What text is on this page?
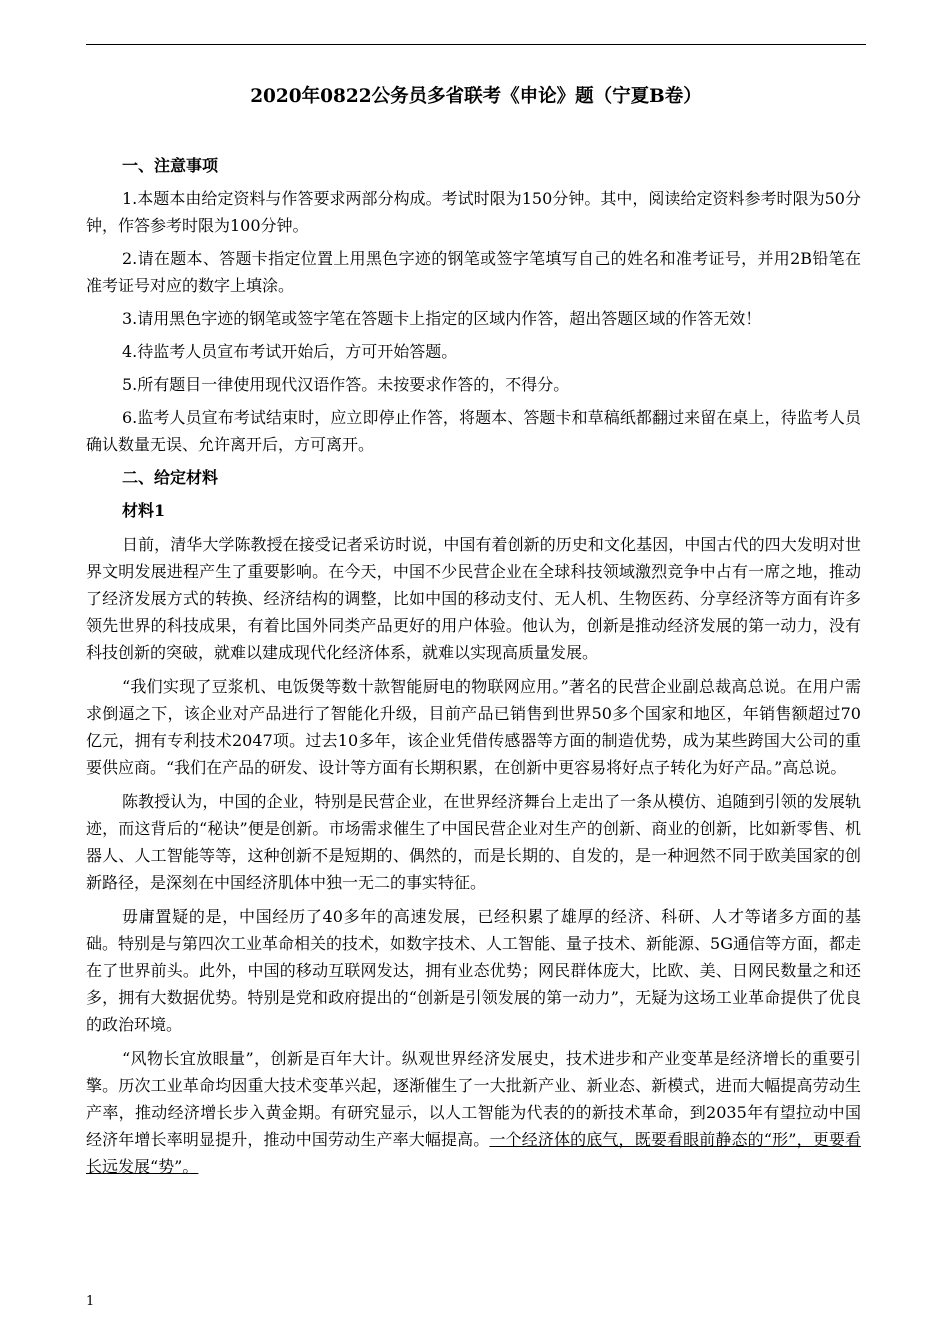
2020年0822公务员多省联考《申论》题（宁夏B卷）

一、注意事项

1.本题本由给定资料与作答要求两部分构成。考试时限为150分钟。其中，阅读给定资料参考时限为50分钟，作答参考时限为100分钟。

2.请在题本、答题卡指定位置上用黑色字迹的钢笔或签字笔填写自己的姓名和准考证号，并用2B铅笔在准考证号对应的数字上填涂。

3.请用黑色字迹的钢笔或签字笔在答题卡上指定的区域内作答，超出答题区域的作答无效！

4.待监考人员宣布考试开始后，方可开始答题。

5.所有题目一律使用现代汉语作答。未按要求作答的，不得分。

6.监考人员宣布考试结束时，应立即停止作答，将题本、答题卡和草稿纸都翻过来留在桌上，待监考人员确认数量无误、允许离开后，方可离开。

二、给定材料

材料1

日前，清华大学陈教授在接受记者采访时说，中国有着创新的历史和文化基因，中国古代的四大发明对世界文明发展进程产生了重要影响。在今天，中国不少民营企业在全球科技领域激烈竞争中占有一席之地，推动了经济发展方式的转换、经济结构的调整，比如中国的移动支付、无人机、生物医药、分享经济等方面有许多领先世界的科技成果，有着比国外同类产品更好的用户体验。他认为，创新是推动经济发展的第一动力，没有科技创新的突破，就难以建成现代化经济体系，就难以实现高质量发展。

“我们实现了豆浆机、电饭煲等数十款智能厨电的物联网应用。”著名的民营企业副总裁高总说。在用户需求倒逼之下，该企业对产品进行了智能化升级，目前产品已销售到世界50多个国家和地区，年销售额超过70亿元，拥有专利技术2047项。过去10多年，该企业凭借传感器等方面的制造优势，成为某些跨国大公司的重要供应商。“我们在产品的研发、设计等方面有长期积累，在创新中更容易将好点子转化为好产品。”高总说。

陈教授认为，中国的企业，特别是民营企业，在世界经济舞台上走出了一条从模仿、追随到引领的发展轨迹，而这背后的“秘诀”便是创新。市场需求催生了中国民营企业对生产的创新、商业的创新，比如新零售、机器人、人工智能等等，这种创新不是短期的、偶然的，而是长期的、自发的，是一种迥然不同于欧美国家的创新路径，是深刻在中国经济肌体中独一无二的事实特征。

毋庸置疑的是，中国经历了40多年的高速发展，已经积累了雄厚的经济、科研、人才等诸多方面的基础。特别是与第四次工业革命相关的技术，如数字技术、人工智能、量子技术、新能源、5G通信等方面，都走在了世界前头。此外，中国的移动互联网发达，拥有业态优势；网民群体庞大，比欧、美、日网民数量之和还多，拥有大数据优势。特别是党和政府提出的“创新是引领发展的第一动力”，无疑为这场工业革命提供了优良的政治环境。

“风物长宜放眼量”，创新是百年大计。纵观世界经济发展史，技术进步和产业变革是经济增长的重要引擎。历次工业革命均因重大技术变革兴起，逐渐催生了一大批新产业、新业态、新模式，进而大幅提高劳动生产率，推动经济增长步入黄金期。有研究显示，以人工智能为代表的的新技术革命，到2035年有望拉动中国经济年增长率明显提升，推动中国劳动生产率大幅提高。一个经济体的底气，既要看眼前静态的“形”，更要看长远发展“势”。

1
